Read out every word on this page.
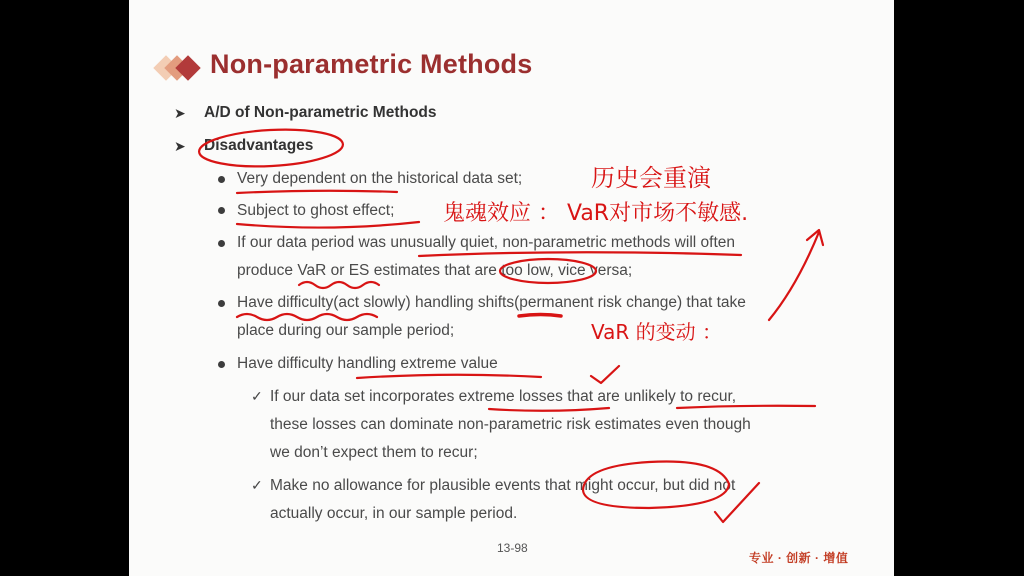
Non-parametric Methods
➤ A/D of Non-parametric Methods
➤ Disadvantages
Very dependent on the historical data set;
Subject to ghost effect;
If our data period was unusually quiet, non-parametric methods will often
produce VaR or ES estimates that are too low, vice versa;
Have difficulty(act slowly) handling shifts(permanent risk change) that take
place during our sample period;
Have difficulty handling extreme value
✓ If our data set incorporates extreme losses that are unlikely to recur,
these losses can dominate non-parametric risk estimates even though
we don’t expect them to recur;
✓ Make no allowance for plausible events that might occur, but did not
actually occur, in our sample period.
13-98
专业 · 创新 · 增值
历史会重演
鬼魂效应 ： VaR对市场不敏感.
VaR 的变动 ：
